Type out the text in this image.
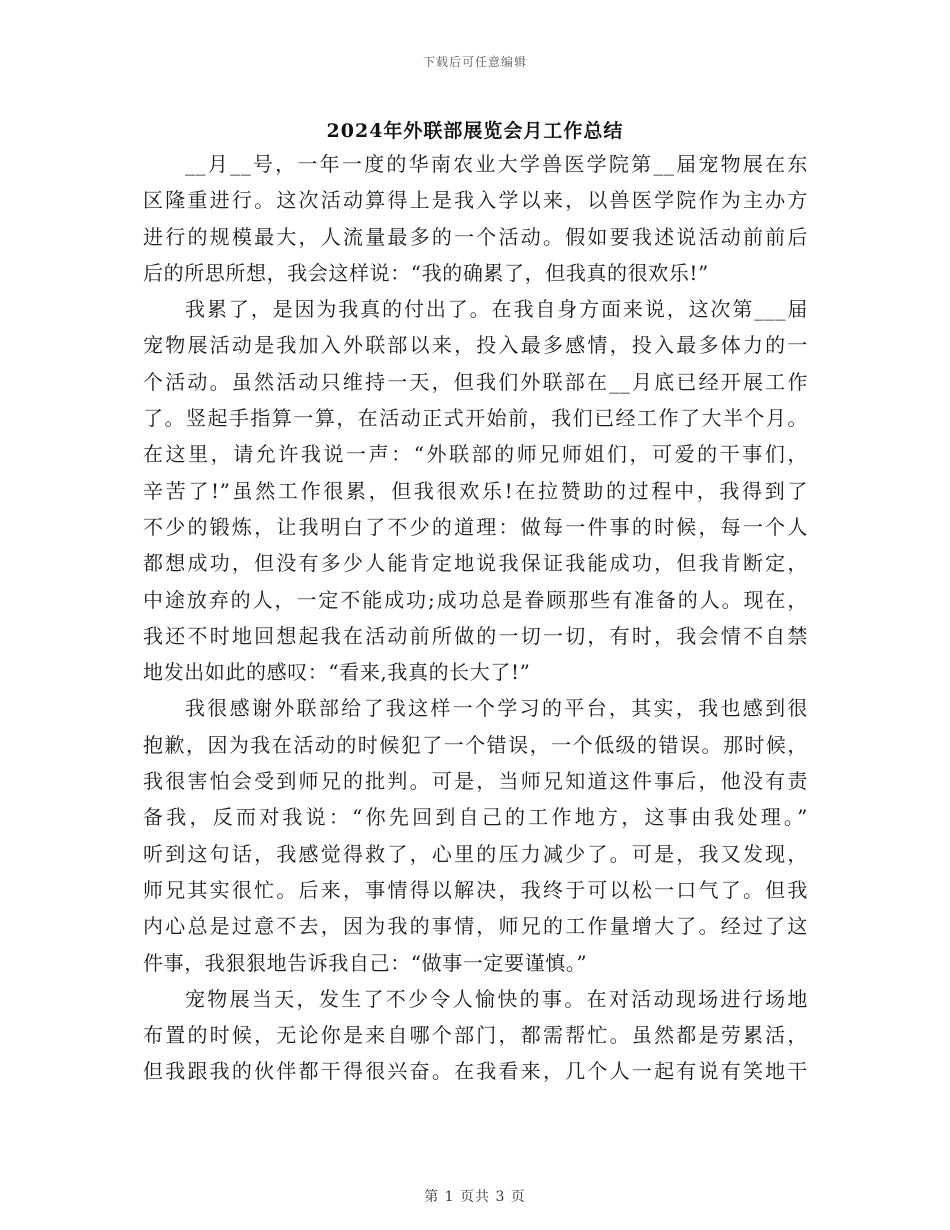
下载后可任意编辑
2024年外联部展览会月工作总结

__月__号，一年一度的华南农业大学兽医学院第__届宠物展在东
区隆重进行。这次活动算得上是我入学以来，以兽医学院作为主办方
进行的规模最大，人流量最多的一个活动。假如要我述说活动前前后
后的所思所想，我会这样说：“我的确累了，但我真的很欢乐!”

我累了，是因为我真的付出了。在我自身方面来说，这次第___届
宠物展活动是我加入外联部以来，投入最多感情，投入最多体力的一
个活动。虽然活动只维持一天，但我们外联部在__月底已经开展工作
了。竖起手指算一算，在活动正式开始前，我们已经工作了大半个月。
在这里，请允许我说一声：“外联部的师兄师姐们，可爱的干事们，
辛苦了!”虽然工作很累，但我很欢乐!在拉赞助的过程中，我得到了
不少的锻炼，让我明白了不少的道理：做每一件事的时候，每一个人
都想成功，但没有多少人能肯定地说我保证我能成功，但我肯断定，
中途放弃的人，一定不能成功;成功总是眷顾那些有准备的人。现在，
我还不时地回想起我在活动前所做的一切一切，有时，我会情不自禁
地发出如此的感叹：“看来,我真的长大了!”

我很感谢外联部给了我这样一个学习的平台，其实，我也感到很
抱歉，因为我在活动的时候犯了一个错误，一个低级的错误。那时候，
我很害怕会受到师兄的批判。可是，当师兄知道这件事后，他没有责
备我，反而对我说：“你先回到自己的工作地方，这事由我处理。”
听到这句话，我感觉得救了，心里的压力减少了。可是，我又发现，
师兄其实很忙。后来，事情得以解决，我终于可以松一口气了。但我
内心总是过意不去，因为我的事情，师兄的工作量增大了。经过了这
件事，我狠狠地告诉我自己：“做事一定要谨慎。”

宠物展当天，发生了不少令人愉快的事。在对活动现场进行场地
布置的时候，无论你是来自哪个部门，都需帮忙。虽然都是劳累活，
但我跟我的伙伴都干得很兴奋。在我看来，几个人一起有说有笑地干

第 1 页共 3 页
